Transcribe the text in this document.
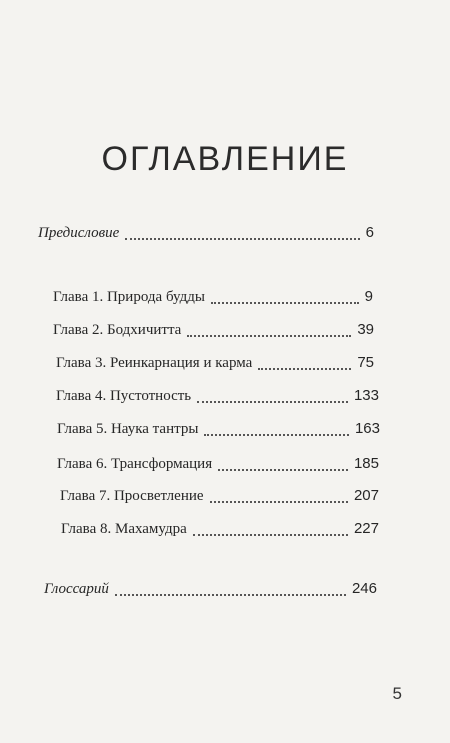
ОГЛАВЛЕНИЕ
Предисловие	6
Глава 1. Природа будды	9
Глава 2. Бодхичитта	39
Глава 3. Реинкарнация и карма	75
Глава 4. Пустотность	133
Глава 5. Наука тантры	163
Глава 6. Трансформация	185
Глава 7. Просветление	207
Глава 8. Махамудра	227
Глоссарий	246
5
